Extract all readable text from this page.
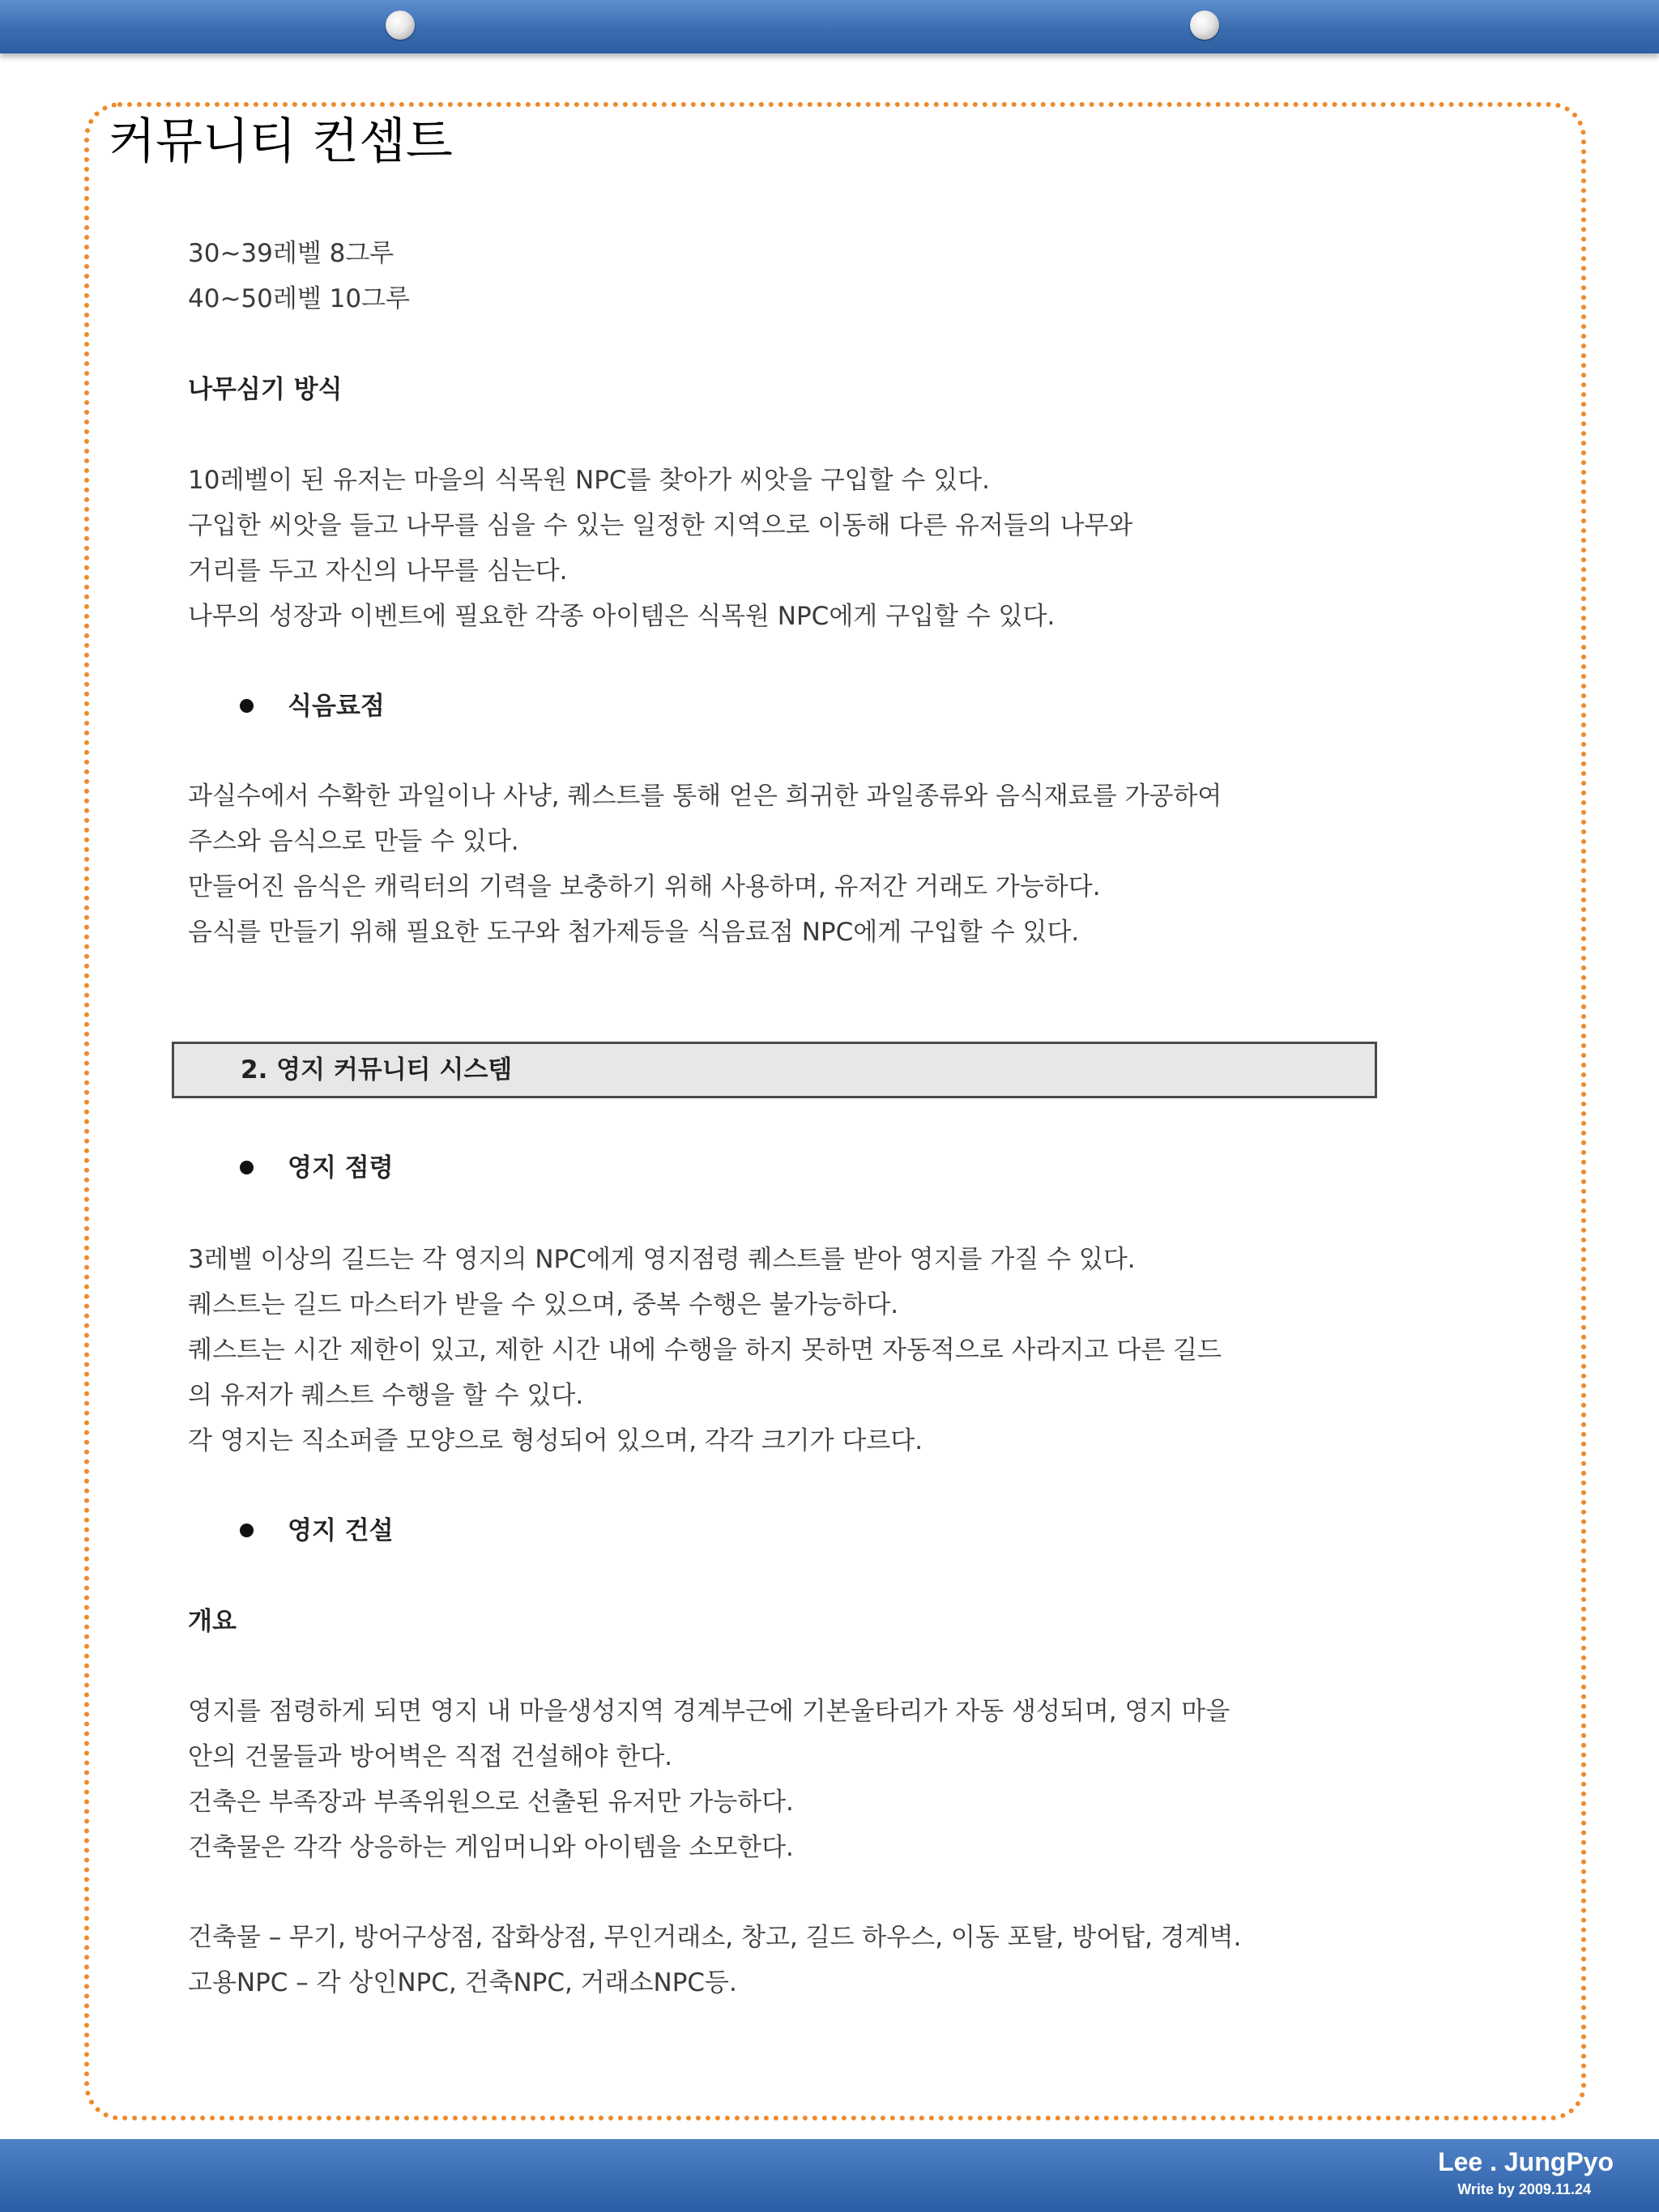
커뮤니티 컨셉트

30~39레벨 8그루

40~50레벨 10그루

나무심기 방식

10레벨이 된 유저는 마을의 식목원 NPC를 찾아가 씨앗을 구입할 수 있다.

구입한 씨앗을 들고 나무를 심을 수 있는 일정한 지역으로 이동해 다른 유저들의 나무와

거리를 두고 자신의 나무를 심는다.

나무의 성장과 이벤트에 필요한 각종 아이템은 식목원 NPC에게 구입할 수 있다.

식음료점

과실수에서 수확한 과일이나 사냥, 퀘스트를 통해 얻은 희귀한 과일종류와 음식재료를 가공하여

주스와 음식으로 만들 수 있다.

만들어진 음식은 캐릭터의 기력을 보충하기 위해 사용하며, 유저간 거래도 가능하다.

음식를 만들기 위해 필요한 도구와 첨가제등을 식음료점 NPC에게 구입할 수 있다.

2. 영지 커뮤니티 시스템

영지 점령

3레벨 이상의 길드는 각 영지의 NPC에게 영지점령 퀘스트를 받아 영지를 가질 수 있다.

퀘스트는 길드 마스터가 받을 수 있으며, 중복 수행은 불가능하다.

퀘스트는 시간 제한이 있고, 제한 시간 내에 수행을 하지 못하면 자동적으로 사라지고 다른 길드

의 유저가 퀘스트 수행을 할 수 있다.

각 영지는 직소퍼즐 모양으로 형성되어 있으며, 각각 크기가 다르다.

영지 건설

개요

영지를 점령하게 되면 영지 내 마을생성지역 경계부근에 기본울타리가 자동 생성되며, 영지 마을

안의 건물들과 방어벽은 직접 건설해야 한다.

건축은 부족장과 부족위원으로 선출된 유저만 가능하다.

건축물은 각각 상응하는 게임머니와 아이템을 소모한다.

건축물 – 무기, 방어구상점, 잡화상점, 무인거래소, 창고, 길드 하우스, 이동 포탈, 방어탑, 경계벽.

고용NPC – 각 상인NPC, 건축NPC, 거래소NPC등.

Lee . JungPyo
Write by 2009.11.24
